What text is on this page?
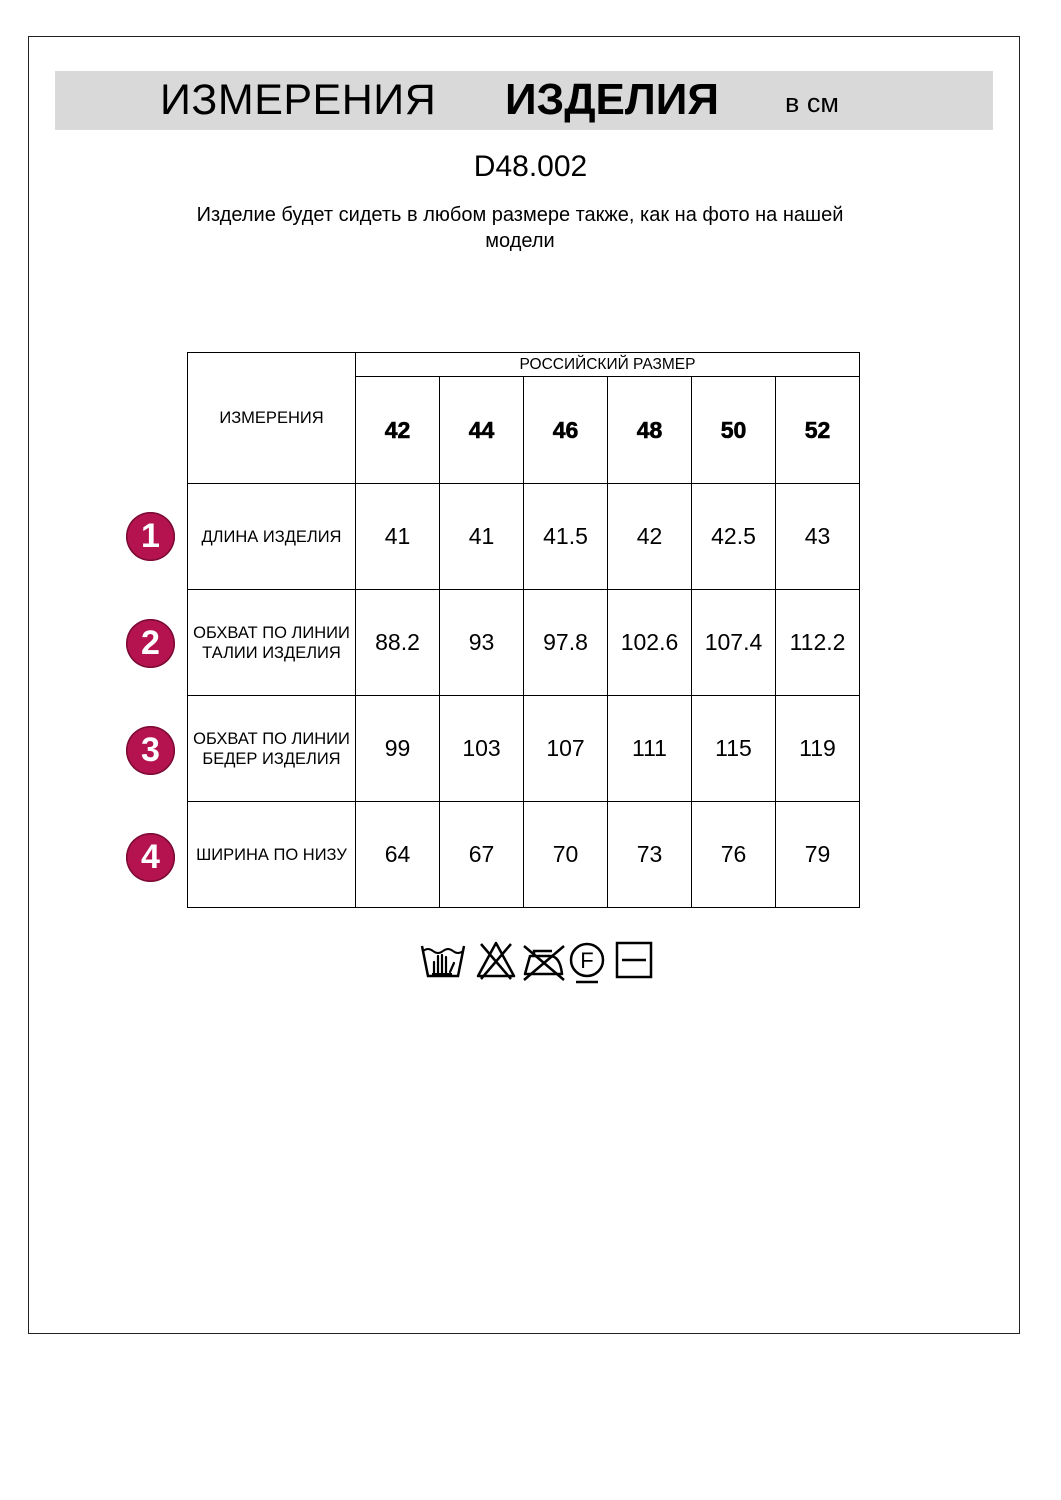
ИЗМЕРЕНИЯ ИЗДЕЛИЯ в см
D48.002
Изделие будет сидеть в любом размере также, как на фото на нашей модели
ИЗМЕРЕНИЯ	РОССИЙСКИЙ РАЗМЕР					
	42	44	46	48	50	52
ДЛИНА ИЗДЕЛИЯ	41	41	41.5	42	42.5	43
ОБХВАТ ПО ЛИНИИ ТАЛИИ ИЗДЕЛИЯ	88.2	93	97.8	102.6	107.4	112.2
ОБХВАТ ПО ЛИНИИ БЕДЕР ИЗДЕЛИЯ	99	103	107	111	115	119
ШИРИНА ПО НИЗУ	64	67	70	73	76	79
1
2
3
4
F
